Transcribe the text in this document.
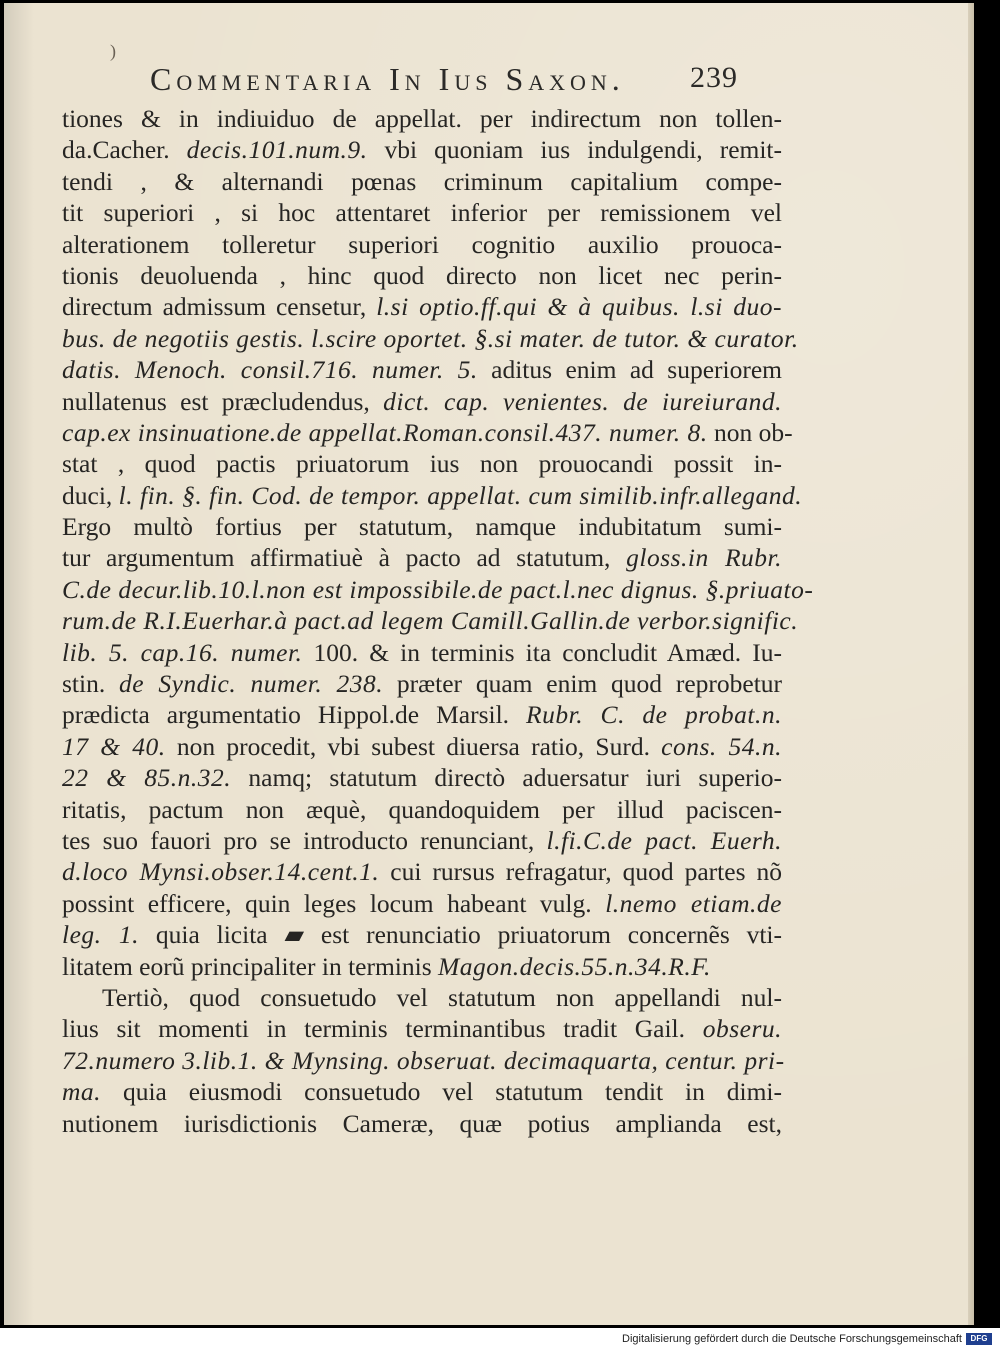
)
Commentaria In Ius Saxon. 239
tiones & in indiuiduo de appellat. per indirectum non tollen-
da.Cacher. decis.101.num.9. vbi quoniam ius indulgendi, remit-
tendi , & alternandi pœnas criminum capitalium compe-
tit superiori , si hoc attentaret inferior per remissionem vel
alterationem tolleretur superiori cognitio auxilio prouoca-
tionis deuoluenda , hinc quod directo non licet nec perin-
directum admissum censetur, l.si optio.ff.qui & à quibus. l.si duo-
bus. de negotiis gestis. l.scire oportet. §.si mater. de tutor. & curator.
datis. Menoch. consil.716. numer. 5. aditus enim ad superiorem
nullatenus est præcludendus, dict. cap. venientes. de iureiurand.
cap.ex insinuatione.de appellat.Roman.consil.437. numer. 8. non ob-
stat , quod pactis priuatorum ius non prouocandi possit in-
duci, l. fin. §. fin. Cod. de tempor. appellat. cum similib.infr.allegand.
Ergo multò fortius per statutum, namque indubitatum sumi-
tur argumentum affirmatiuè à pacto ad statutum, gloss.in Rubr.
C.de decur.lib.10.l.non est impossibile.de pact.l.nec dignus. §.priuato-
rum.de R.I.Euerhar.à pact.ad legem Camill.Gallin.de verbor.signific.
lib. 5. cap.16. numer. 100. & in terminis ita concludit Amæd. Iu-
stin. de Syndic. numer. 238. præter quam enim quod reprobetur
prædicta argumentatio Hippol.de Marsil. Rubr. C. de probat.n.
17 & 40. non procedit, vbi subest diuersa ratio, Surd. cons. 54.n.
22 & 85.n.32. namq; statutum directò aduersatur iuri superio-
ritatis, pactum non æquè, quandoquidem per illud paciscen-
tes suo fauori pro se introducto renunciant, l.fi.C.de pact. Euerh.
d.loco Mynsi.obser.14.cent.1. cui rursus refragatur, quod partes nõ
possint efficere, quin leges locum habeant vulg. l.nemo etiam.de
leg. 1. quia licita ▰ est renunciatio priuatorum concernẽs vti-
litatem eorũ principaliter in terminis Magon.decis.55.n.34.R.F.
Tertiò, quod consuetudo vel statutum non appellandi nul-
lius sit momenti in terminis terminantibus tradit Gail. obseru.
72.numero 3.lib.1. & Mynsing. obseruat. decimaquarta, centur. pri-
ma. quia eiusmodi consuetudo vel statutum tendit in dimi-
nutionem iurisdictionis Cameræ, quæ potius amplianda est,
Digitalisierung gefördert durch die Deutsche Forschungsgemeinschaft	DFG
